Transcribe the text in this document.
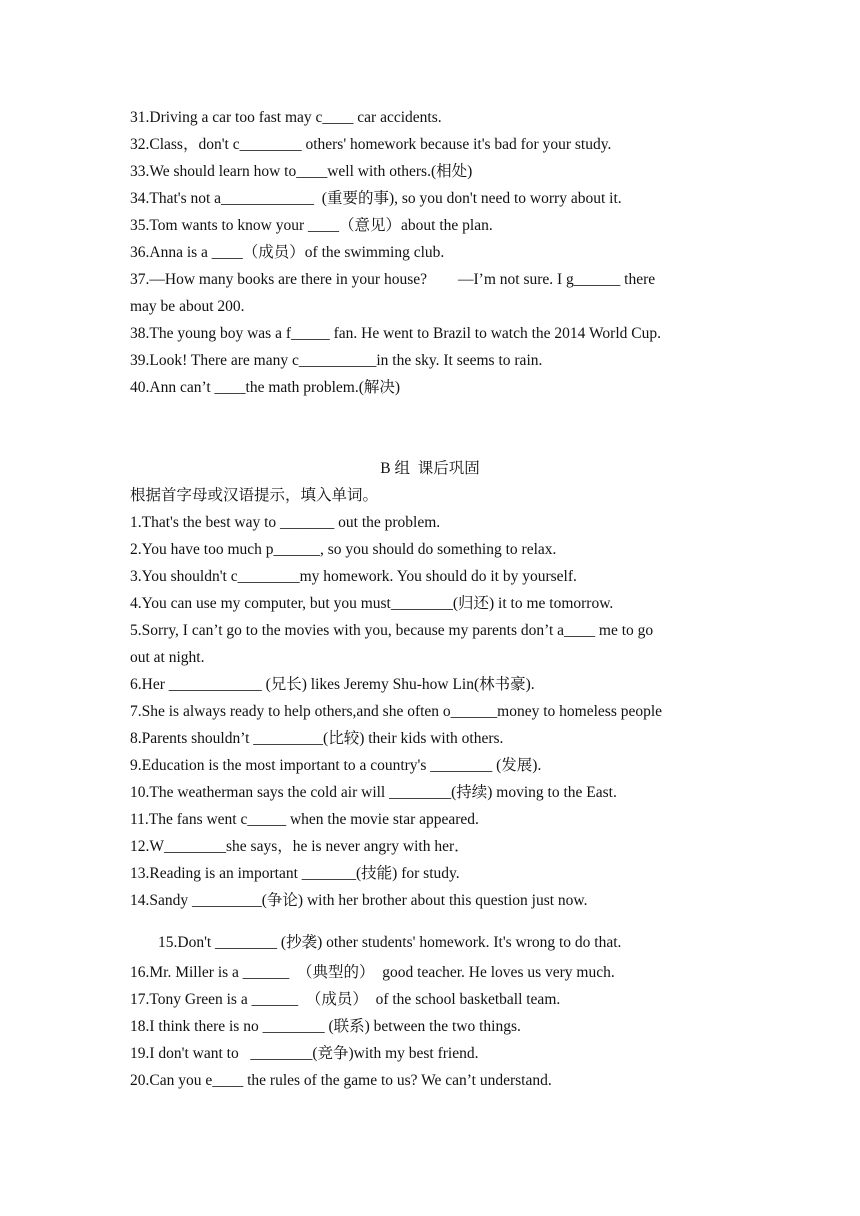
31.Driving a car too fast may c____ car accidents.
32.Class，don't c________ others' homework because it's bad for your study.
33.We should learn how to____well with others.(相处)
34.That's not a____________  (重要的事), so you don't need to worry about it.
35.Tom wants to know your ____（意见）about the plan.
36.Anna is a ____（成员）of the swimming club.
37.—How many books are there in your house?        —I’m not sure. I g______ there
may be about 200.
38.The young boy was a f_____ fan. He went to Brazil to watch the 2014 World Cup.
39.Look! There are many c__________in the sky. It seems to rain.
40.Ann can’t ____the math problem.(解决)
B 组  课后巩固
根据首字母或汉语提示，填入单词。
1.That's the best way to _______ out the problem.
2.You have too much p______, so you should do something to relax.
3.You shouldn't c________my homework. You should do it by yourself.
4.You can use my computer, but you must________(归还) it to me tomorrow.
5.Sorry, I can’t go to the movies with you, because my parents don’t a____ me to go
out at night.
6.Her ____________ (兄长) likes Jeremy Shu-how Lin(林书豪).
7.She is always ready to help others,and she often o______money to homeless people
8.Parents shouldn’t _________(比较) their kids with others.
9.Education is the most important to a country's ________ (发展).
10.The weatherman says the cold air will ________(持续) moving to the East.
11.The fans went c_____ when the movie star appeared.
12.W________she says，he is never angry with her．
13.Reading is an important _______(技能) for study.
14.Sandy _________(争论) with her brother about this question just now.
15.Don't ________ (抄袭) other students' homework. It's wrong to do that.
16.Mr. Miller is a ______  （典型的）  good teacher. He loves us very much.
17.Tony Green is a ______  （成员）  of the school basketball team.
18.I think there is no ________ (联系) between the two things.
19.I don't want to   ________(竞争)with my best friend.
20.Can you e____ the rules of the game to us? We can’t understand.
